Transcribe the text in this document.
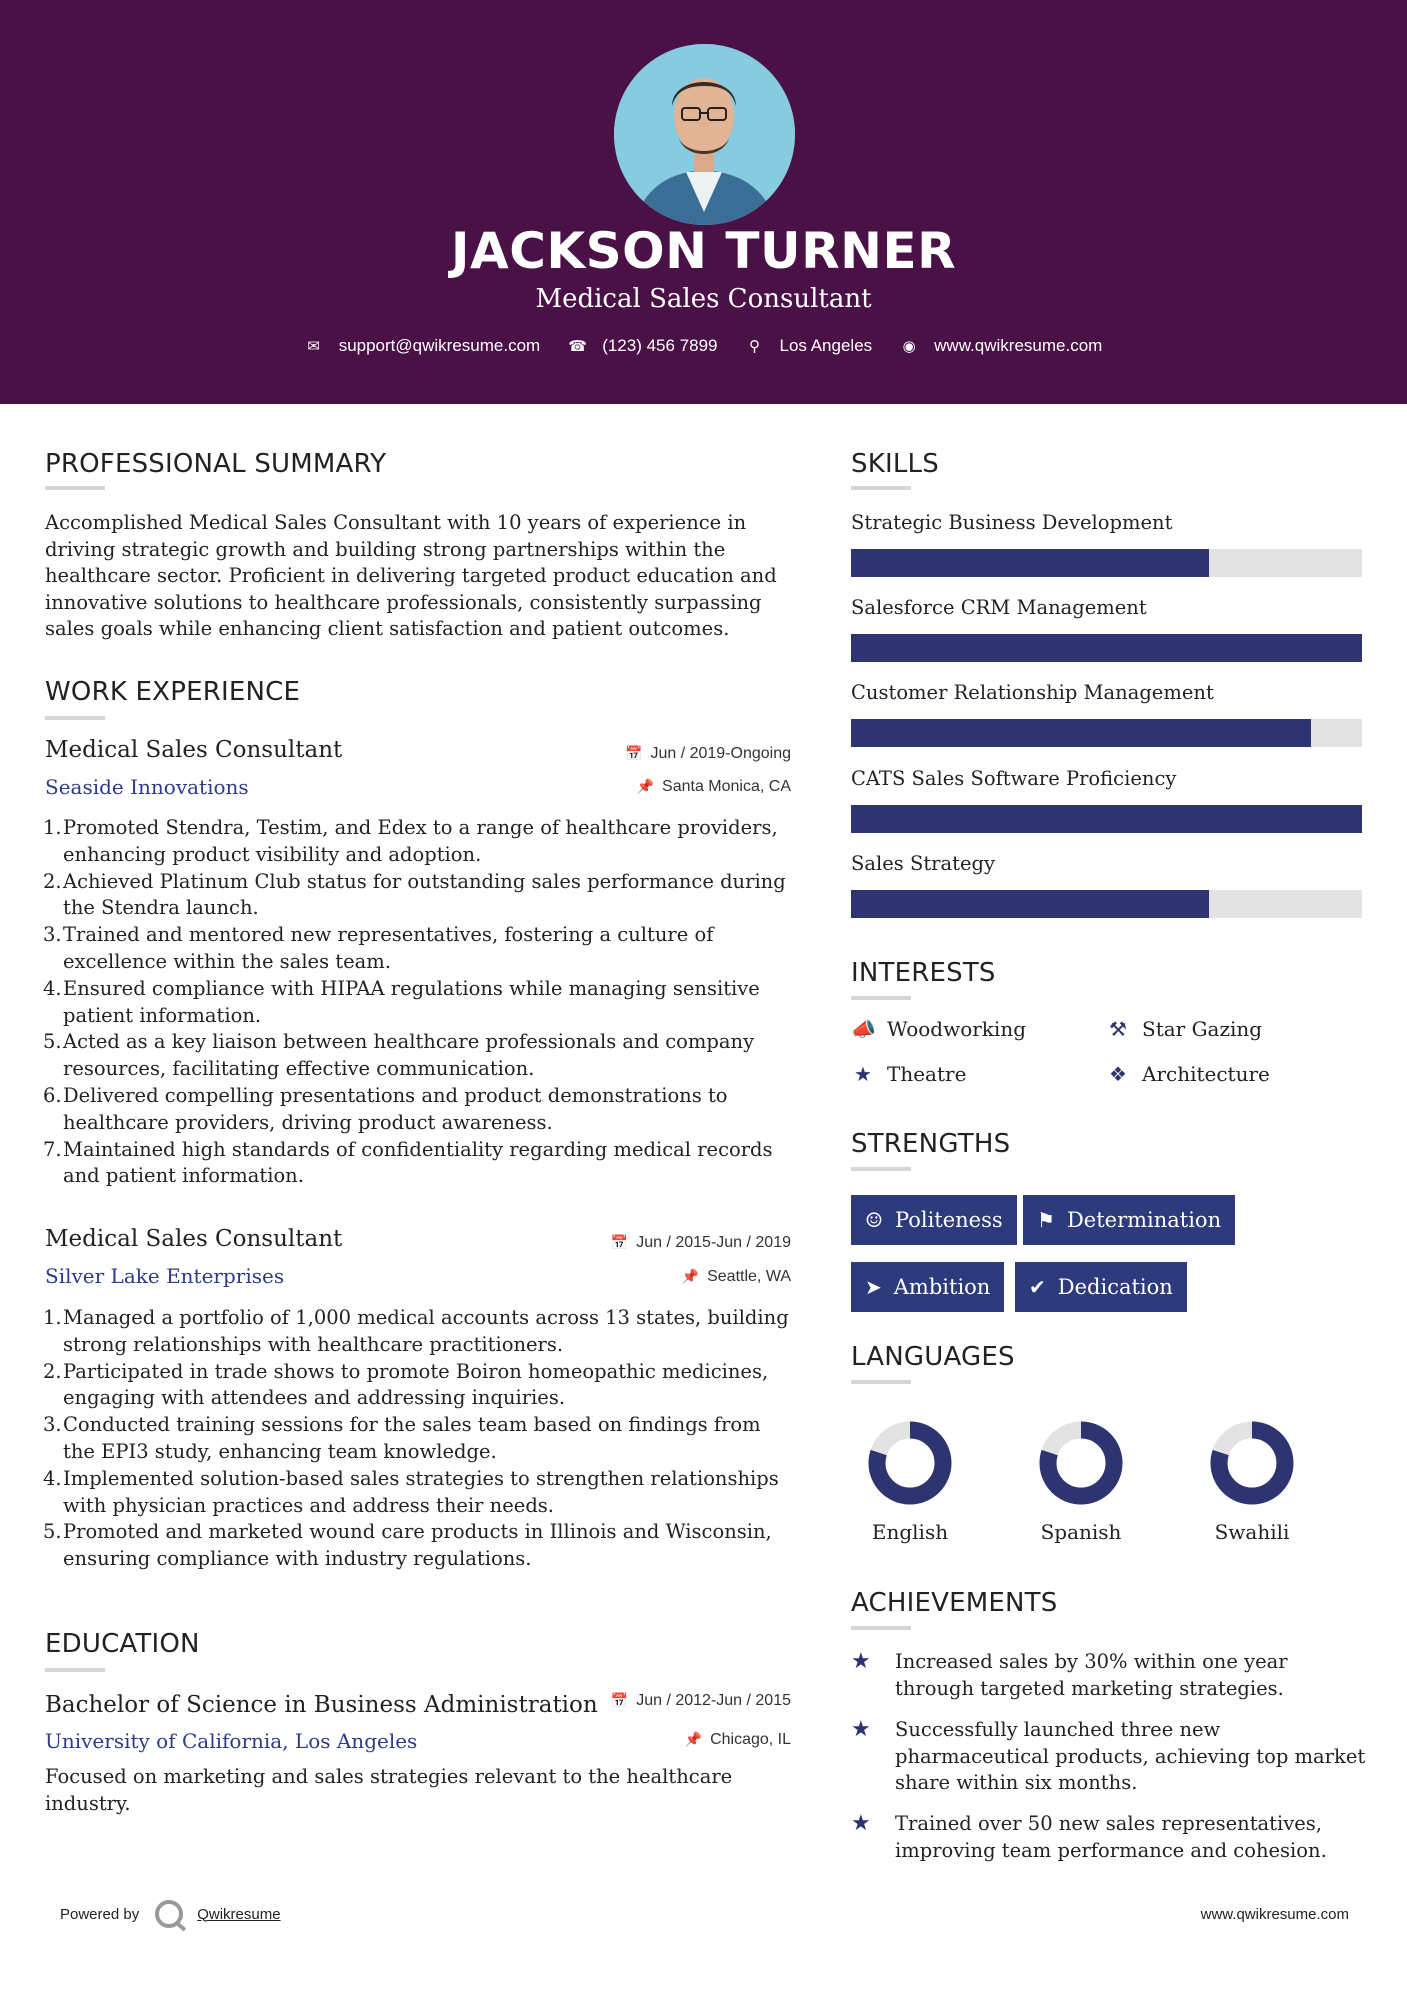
JACKSON TURNER
Medical Sales Consultant
✉ support@qwikresume.com ☎ (123) 456 7899 ⚲ Los Angeles ◉ www.qwikresume.com
PROFESSIONAL SUMMARY
Accomplished Medical Sales Consultant with 10 years of experience in driving strategic growth and building strong partnerships within the healthcare sector. Proficient in delivering targeted product education and innovative solutions to healthcare professionals, consistently surpassing sales goals while enhancing client satisfaction and patient outcomes.
WORK EXPERIENCE
Medical Sales Consultant
Seaside Innovations
📅 Jun / 2019-Ongoing
📌 Santa Monica, CA
1. Promoted Stendra, Testim, and Edex to a range of healthcare providers, enhancing product visibility and adoption.
2. Achieved Platinum Club status for outstanding sales performance during the Stendra launch.
3. Trained and mentored new representatives, fostering a culture of excellence within the sales team.
4. Ensured compliance with HIPAA regulations while managing sensitive patient information.
5. Acted as a key liaison between healthcare professionals and company resources, facilitating effective communication.
6. Delivered compelling presentations and product demonstrations to healthcare providers, driving product awareness.
7. Maintained high standards of confidentiality regarding medical records and patient information.
Medical Sales Consultant
Silver Lake Enterprises
📅 Jun / 2015-Jun / 2019
📌 Seattle, WA
1. Managed a portfolio of 1,000 medical accounts across 13 states, building strong relationships with healthcare practitioners.
2. Participated in trade shows to promote Boiron homeopathic medicines, engaging with attendees and addressing inquiries.
3. Conducted training sessions for the sales team based on findings from the EPI3 study, enhancing team knowledge.
4. Implemented solution-based sales strategies to strengthen relationships with physician practices and address their needs.
5. Promoted and marketed wound care products in Illinois and Wisconsin, ensuring compliance with industry regulations.
EDUCATION
Bachelor of Science in Business Administration
University of California, Los Angeles
📅 Jun / 2012-Jun / 2015
📌 Chicago, IL
Focused on marketing and sales strategies relevant to the healthcare industry.
SKILLS
Strategic Business Development
Salesforce CRM Management
Customer Relationship Management
CATS Sales Software Proficiency
Sales Strategy
INTERESTS
📣 Woodworking	⚒ Star Gazing
★ Theatre	❖ Architecture
STRENGTHS
☺ Politeness ⚑ Determination
➤ Ambition ✔ Dedication
LANGUAGES
English	Spanish	Swahili
ACHIEVEMENTS
★	Increased sales by 30% within one year through targeted marketing strategies.
★	Successfully launched three new pharmaceutical products, achieving top market share within six months.
★	Trained over 50 new sales representatives, improving team performance and cohesion.
Powered by	Qwikresume	www.qwikresume.com
